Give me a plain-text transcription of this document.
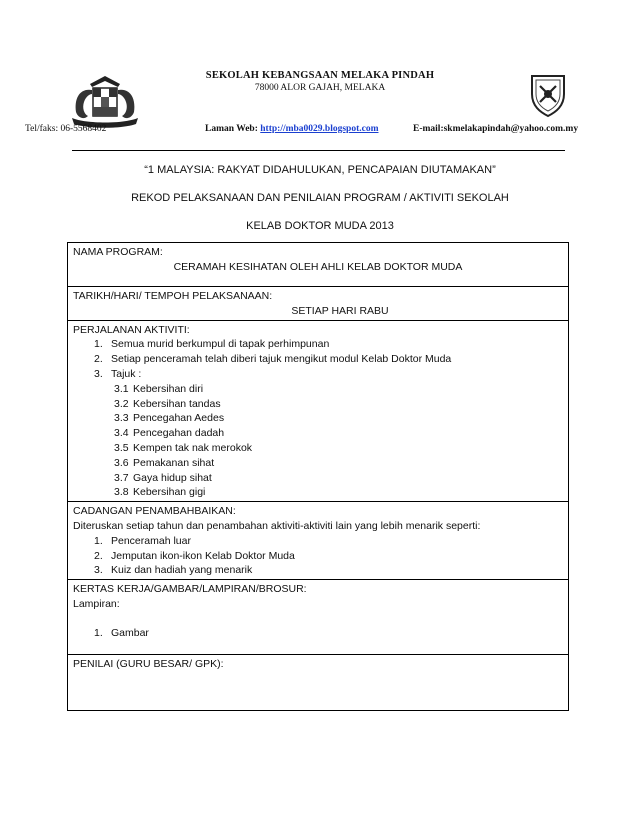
SEKOLAH KEBANGSAAN MELAKA PINDAH
78000 ALOR GAJAH, MELAKA
Tel/faks: 06-5568402	Laman Web: http://mba0029.blogspot.com	E-mail:skmelakapindah@yahoo.com.my
“1 MALAYSIA: RAKYAT DIDAHULUKAN, PENCAPAIAN DIUTAMAKAN”
REKOD PELAKSANAAN DAN PENILAIAN PROGRAM / AKTIVITI SEKOLAH
KELAB DOKTOR MUDA 2013
NAMA PROGRAM:
CERAMAH KESIHATAN OLEH AHLI KELAB DOKTOR MUDA

TARIKH/HARI/ TEMPOH PELAKSANAAN:
SETIAP HARI RABU

PERJALANAN AKTIVITI:
1. Semua murid berkumpul di tapak perhimpunan
2. Setiap penceramah telah diberi tajuk mengikut modul Kelab Doktor Muda
3. Tajuk :
3.1 Kebersihan diri
3.2 Kebersihan tandas
3.3 Pencegahan Aedes
3.4 Pencegahan dadah
3.5 Kempen tak nak merokok
3.6 Pemakanan sihat
3.7 Gaya hidup sihat
3.8 Kebersihan gigi

CADANGAN PENAMBAHBAIKAN:
Diteruskan setiap tahun dan penambahan aktiviti-aktiviti lain yang lebih menarik seperti:
1. Penceramah luar
2. Jemputan ikon-ikon Kelab Doktor Muda
3. Kuiz dan hadiah yang menarik

KERTAS KERJA/GAMBAR/LAMPIRAN/BROSUR:
Lampiran:
1. Gambar

PENILAI (GURU BESAR/ GPK):
